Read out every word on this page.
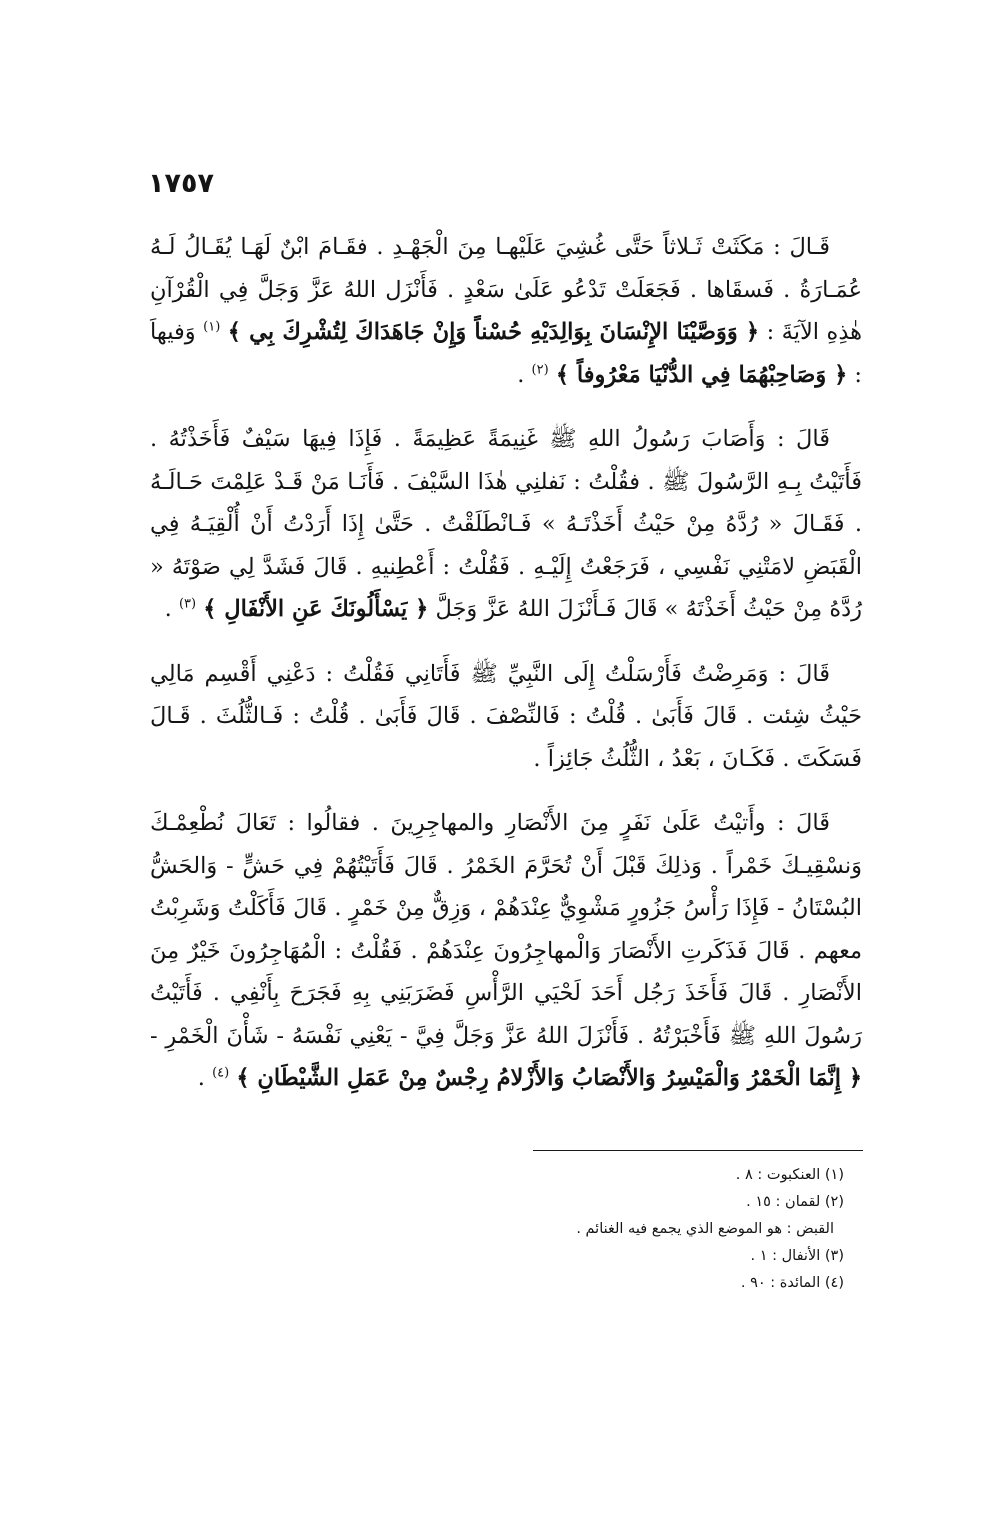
١٧٥٧

قَـالَ : مَكَثَتْ ثَـلاثاً حَتَّى غُشِيَ عَلَيْهـا مِنَ الْجَهْـدِ . فقَـامَ ابْنٌ لَهَـا يُقَـالُ لَـهُ عُمَـارَةُ . فَسقَاها . فَجَعَلَتْ تَدْعُو عَلَىٰ سَعْدٍ . فَأَنْزَل اللهُ عَزَّ وَجَلَّ فِي الْقُرْآنِ هٰذِهِ الآيَةَ : ﴿ وَوَصَّيْنَا الإِنْسَانَ بِوَالِدَيْهِ حُسْناً وَإِنْ جَاهَدَاكَ لِتُشْرِكَ بِي ﴾ $^{(١)}$ وَفيهاَ : ﴿ وَصَاحِبْهُمَا فِي الدُّنْيَا مَعْرُوفاً ﴾ $^{(٢)}$ .

قَالَ : وَأَصَابَ رَسُولُ اللهِ ﷺ غَنِيمَةً عَظِيمَةً . فَإِذَا فِيهَا سَيْفٌ فَأَخَذْتُهُ . فَأَتَيْتُ بِـهِ الرَّسُولَ ﷺ . فقُلْتُ : نَفلنِي هٰذَا السَّيْفَ . فَأَنَـا مَنْ قَـدْ عَلِمْتَ حَـالَـهُ . فَقَـالَ « رُدَّهُ مِنْ حَيْثُ أَخَذْتَـهُ » فَـانْطَلَقْتُ . حَتَّىٰ إِذَا أَرَدْتُ أَنْ أُلْقِيَـهُ فِي الْقَبَضِ لامَتْنِي نَفْسِي ، فَرَجَعْتُ إِلَيْـهِ . فَقُلْتُ : أَعْطِنيهِ . قَالَ فَشَدَّ لِي صَوْتَهُ « رُدَّهُ مِنْ حَيْثُ أَخَذْتَهُ » قَالَ فَـأَنْزَلَ اللهُ عَزَّ وَجَلَّ ﴿ يَسْأَلُونَكَ عَنِ الأَنْفَالِ ﴾ $^{(٣)}$ .

قَالَ : وَمَرِضْتُ فَأَرْسَلْتُ إِلَى النَّبِيِّ ﷺ فَأَتَانِي فَقُلْتُ : دَعْنِي أَقْسِم مَالِي حَيْثُ شِئت . قَالَ فَأَبَىٰ . قُلْتُ : فَالنِّصْفَ . قَالَ فَأَبَىٰ . قُلْتُ : فَـالثُّلُثَ . قَـالَ فَسَكَتَ . فَكَـانَ ، بَعْدُ ، الثُّلُثُ جَائِزاً .

قَالَ : وأَتيْتُ عَلَىٰ نَفَرٍ مِنَ الأَنْصَارِ والمهاجِرِينَ . فقالُوا : تَعَالَ نُطْعِمْـكَ وَنسْقِيـكَ خَمْراً . وَذلِكَ قَبْلَ أَنْ تُحَرَّمَ الخَمْرُ . قَالَ فَأَتَيْتُهُمْ فِي حَشٍّ - وَالحَشُّ البُسْتَانُ - فَإِذَا رَأْسُ جَزُورٍ مَشْوِيٌّ عِنْدَهُمْ ، وَزِقٌّ مِنْ خَمْرٍ . قَالَ فَأَكَلْتُ وَشَرِبْتُ معهم . قَالَ فَذَكَرتِ الأَنْصَارَ وَالْمهاجِرُونَ عِنْدَهُمْ . فَقُلْتُ : الْمُهَاجِرُونَ خَيْرٌ مِنَ الأَنْصَارِ . قَالَ فَأَخَذَ رَجُل أَحَدَ لَحْيَي الرَّأْسِ فَضَرَبَنِي بِهِ فَجَرَحَ بِأَنْفِي . فَأَتَيْتُ رَسُولَ اللهِ ﷺ فَأَخْبَرْتُهُ . فَأَنْزَلَ اللهُ عَزَّ وَجَلَّ فِيَّ - يَعْنِي نَفْسَهُ - شَأْنَ الْخَمْرِ - ﴿ إِنَّمَا الْخَمْرُ وَالْمَيْسِرُ وَالأَنْصَابُ وَالأَزْلامُ رِجْسٌ مِنْ عَمَلِ الشَّيْطَانِ ﴾ $^{(٤)}$ .

(١) العنكبوت : ٨ .

(٢) لقمان : ١٥ .

القبض : هو الموضع الذي يجمع فيه الغنائم .

(٣) الأنفال : ١ .

(٤) المائدة : ٩٠ .
